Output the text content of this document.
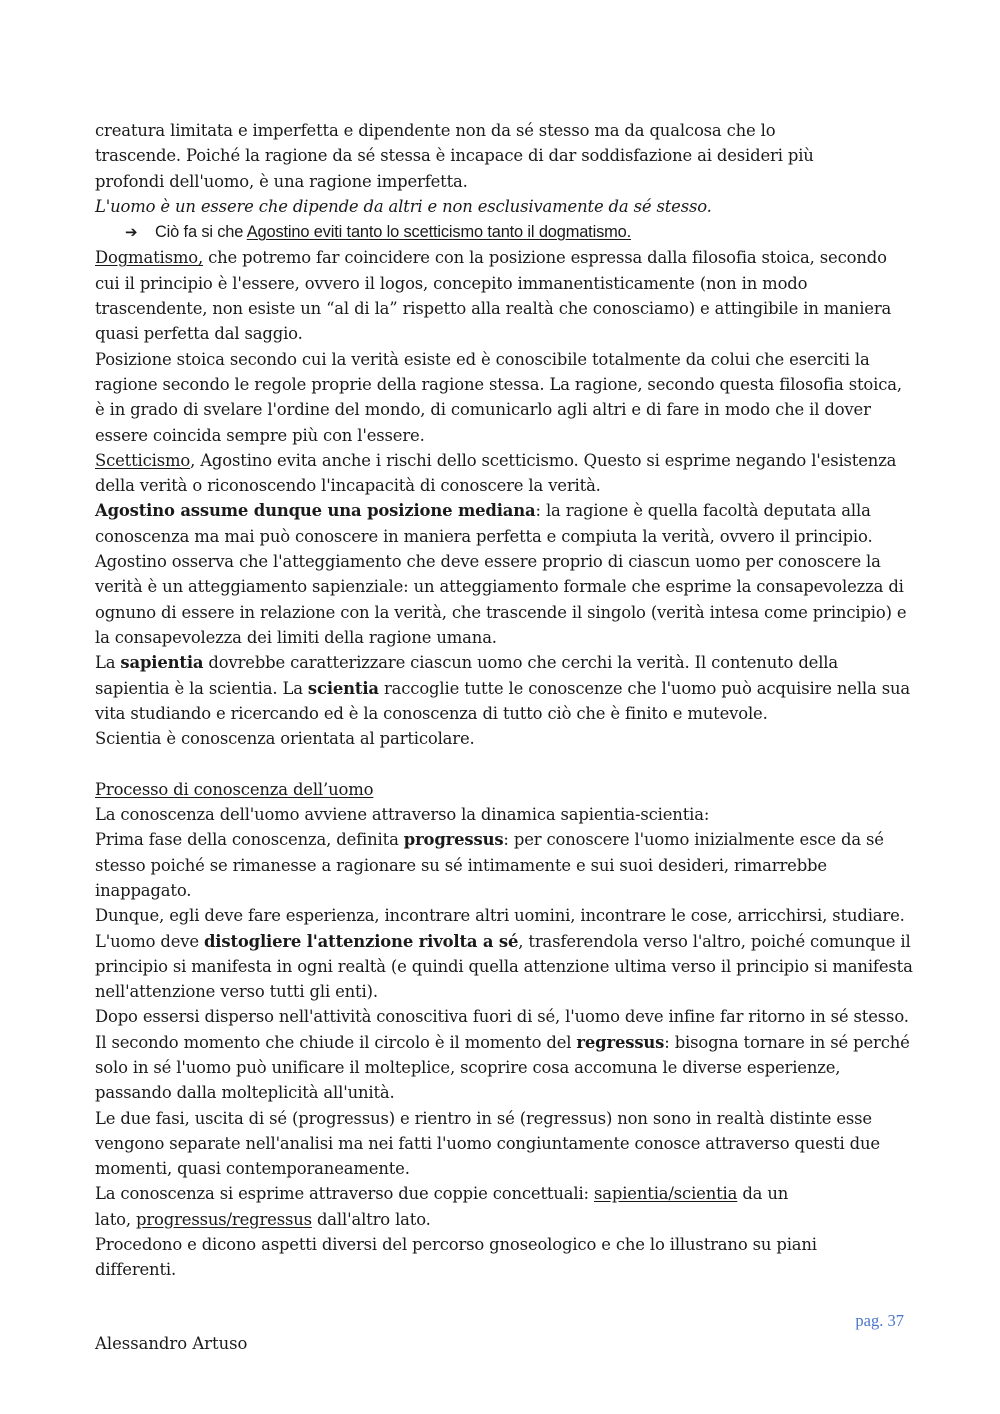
creatura limitata e imperfetta e dipendente non da sé stesso ma da qualcosa che lo trascende. Poiché la ragione da sé stessa è incapace di dar soddisfazione ai desideri più profondi dell'uomo, è una ragione imperfetta.

L'uomo è un essere che dipende da altri e non esclusivamente da sé stesso.

➔ Ciò fa si che Agostino eviti tanto lo scetticismo tanto il dogmatismo.

Dogmatismo, che potremo far coincidere con la posizione espressa dalla filosofia stoica, secondo cui il principio è l'essere, ovvero il logos, concepito immanentisticamente (non in modo trascendente, non esiste un “al di la” rispetto alla realtà che conosciamo) e attingibile in maniera quasi perfetta dal saggio.

Posizione stoica secondo cui la verità esiste ed è conoscibile totalmente da colui che eserciti la ragione secondo le regole proprie della ragione stessa. La ragione, secondo questa filosofia stoica, è in grado di svelare l'ordine del mondo, di comunicarlo agli altri e di fare in modo che il dover essere coincida sempre più con l'essere.

Scetticismo, Agostino evita anche i rischi dello scetticismo. Questo si esprime negando l'esistenza della verità o riconoscendo l'incapacità di conoscere la verità.

Agostino assume dunque una posizione mediana: la ragione è quella facoltà deputata alla conoscenza ma mai può conoscere in maniera perfetta e compiuta la verità, ovvero il principio.

Agostino osserva che l'atteggiamento che deve essere proprio di ciascun uomo per conoscere la verità è un atteggiamento sapienziale: un atteggiamento formale che esprime la consapevolezza di ognuno di essere in relazione con la verità, che trascende il singolo (verità intesa come principio) e la consapevolezza dei limiti della ragione umana.

La sapientia dovrebbe caratterizzare ciascun uomo che cerchi la verità. Il contenuto della sapientia è la scientia. La scientia raccoglie tutte le conoscenze che l'uomo può acquisire nella sua vita studiando e ricercando ed è la conoscenza di tutto ciò che è finito e mutevole.

Scientia è conoscenza orientata al particolare.

Processo di conoscenza dell’uomo

La conoscenza dell'uomo avviene attraverso la dinamica sapientia-scientia:

Prima fase della conoscenza, definita progressus: per conoscere l'uomo inizialmente esce da sé stesso poiché se rimanesse a ragionare su sé intimamente e sui suoi desideri, rimarrebbe inappagato.

Dunque, egli deve fare esperienza, incontrare altri uomini, incontrare le cose, arricchirsi, studiare. L'uomo deve distogliere l'attenzione rivolta a sé, trasferendola verso l'altro, poiché comunque il principio si manifesta in ogni realtà (e quindi quella attenzione ultima verso il principio si manifesta nell'attenzione verso tutti gli enti).

Dopo essersi disperso nell'attività conoscitiva fuori di sé, l'uomo deve infine far ritorno in sé stesso. Il secondo momento che chiude il circolo è il momento del regressus: bisogna tornare in sé perché solo in sé l'uomo può unificare il molteplice, scoprire cosa accomuna le diverse esperienze, passando dalla molteplicità all'unità.

Le due fasi, uscita di sé (progressus) e rientro in sé (regressus) non sono in realtà distinte esse vengono separate nell'analisi ma nei fatti l'uomo congiuntamente conosce attraverso questi due momenti, quasi contemporaneamente.

La conoscenza si esprime attraverso due coppie concettuali: sapientia/scientia da un lato, progressus/regressus dall'altro lato.

Procedono e dicono aspetti diversi del percorso gnoseologico e che lo illustrano su piani differenti.

pag. 37
Alessandro Artuso
